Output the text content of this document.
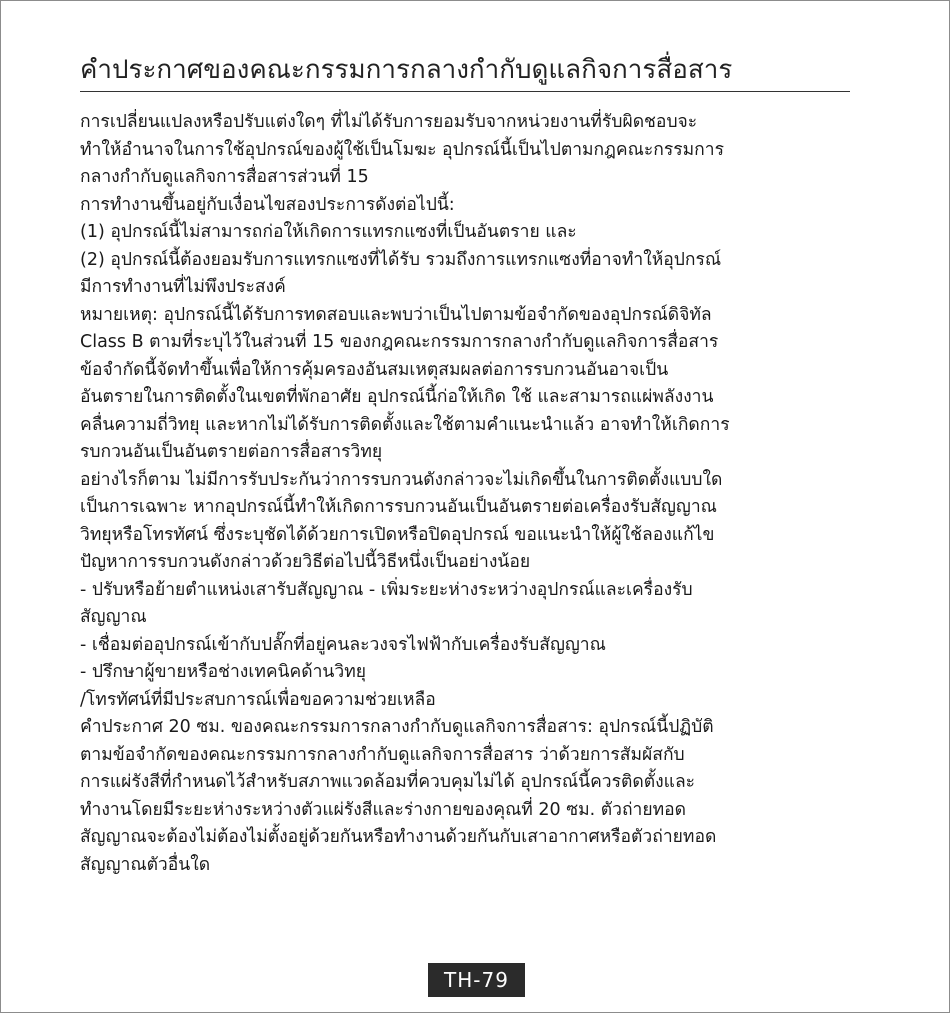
คำประกาศของคณะกรรมการกลางกำกับดูแลกิจการสื่อสาร
การเปลี่ยนแปลงหรือปรับแต่งใดๆ ที่ไม่ได้รับการยอมรับจากหน่วยงานที่รับผิดชอบจะ
ทำให้อำนาจในการใช้อุปกรณ์ของผู้ใช้เป็นโมฆะ อุปกรณ์นี้เป็นไปตามกฎคณะกรรมการ
กลางกำกับดูแลกิจการสื่อสารส่วนที่ 15
การทำงานขึ้นอยู่กับเงื่อนไขสองประการดังต่อไปนี้:
(1) อุปกรณ์นี้ไม่สามารถก่อให้เกิดการแทรกแซงที่เป็นอันตราย และ
(2) อุปกรณ์นี้ต้องยอมรับการแทรกแซงที่ได้รับ รวมถึงการแทรกแซงที่อาจทำให้อุปกรณ์
มีการทำงานที่ไม่พึงประสงค์
หมายเหตุ: อุปกรณ์นี้ได้รับการทดสอบและพบว่าเป็นไปตามข้อจำกัดของอุปกรณ์ดิจิทัล
Class B ตามที่ระบุไว้ในส่วนที่ 15 ของกฎคณะกรรมการกลางกำกับดูแลกิจการสื่อสาร
ข้อจำกัดนี้จัดทำขึ้นเพื่อให้การคุ้มครองอันสมเหตุสมผลต่อการรบกวนอันอาจเป็น
อันตรายในการติดตั้งในเขตที่พักอาศัย อุปกรณ์นี้ก่อให้เกิด ใช้ และสามารถแผ่พลังงาน
คลื่นความถี่วิทยุ และหากไม่ได้รับการติดตั้งและใช้ตามคำแนะนำแล้ว อาจทำให้เกิดการ
รบกวนอันเป็นอันตรายต่อการสื่อสารวิทยุ
อย่างไรก็ตาม ไม่มีการรับประกันว่าการรบกวนดังกล่าวจะไม่เกิดขึ้นในการติดตั้งแบบใด
เป็นการเฉพาะ หากอุปกรณ์นี้ทำให้เกิดการรบกวนอันเป็นอันตรายต่อเครื่องรับสัญญาณ
วิทยุหรือโทรทัศน์ ซึ่งระบุชัดได้ด้วยการเปิดหรือปิดอุปกรณ์ ขอแนะนำให้ผู้ใช้ลองแก้ไข
ปัญหาการรบกวนดังกล่าวด้วยวิธีต่อไปนี้วิธีหนึ่งเป็นอย่างน้อย
- ปรับหรือย้ายตำแหน่งเสารับสัญญาณ - เพิ่มระยะห่างระหว่างอุปกรณ์และเครื่องรับ
สัญญาณ
- เชื่อมต่ออุปกรณ์เข้ากับปลั๊กที่อยู่คนละวงจรไฟฟ้ากับเครื่องรับสัญญาณ
- ปรึกษาผู้ขายหรือช่างเทคนิคด้านวิทยุ
/โทรทัศน์ที่มีประสบการณ์เพื่อขอความช่วยเหลือ
คำประกาศ 20 ซม. ของคณะกรรมการกลางกำกับดูแลกิจการสื่อสาร: อุปกรณ์นี้ปฏิบัติ
ตามข้อจำกัดของคณะกรรมการกลางกำกับดูแลกิจการสื่อสาร ว่าด้วยการสัมผัสกับ
การแผ่รังสีที่กำหนดไว้สำหรับสภาพแวดล้อมที่ควบคุมไม่ได้ อุปกรณ์นี้ควรติดตั้งและ
ทำงานโดยมีระยะห่างระหว่างตัวแผ่รังสีและร่างกายของคุณที่ 20 ซม. ตัวถ่ายทอด
สัญญาณจะต้องไม่ต้องไม่ตั้งอยู่ด้วยกันหรือทำงานด้วยกันกับเสาอากาศหรือตัวถ่ายทอด
สัญญาณตัวอื่นใด
TH-79
